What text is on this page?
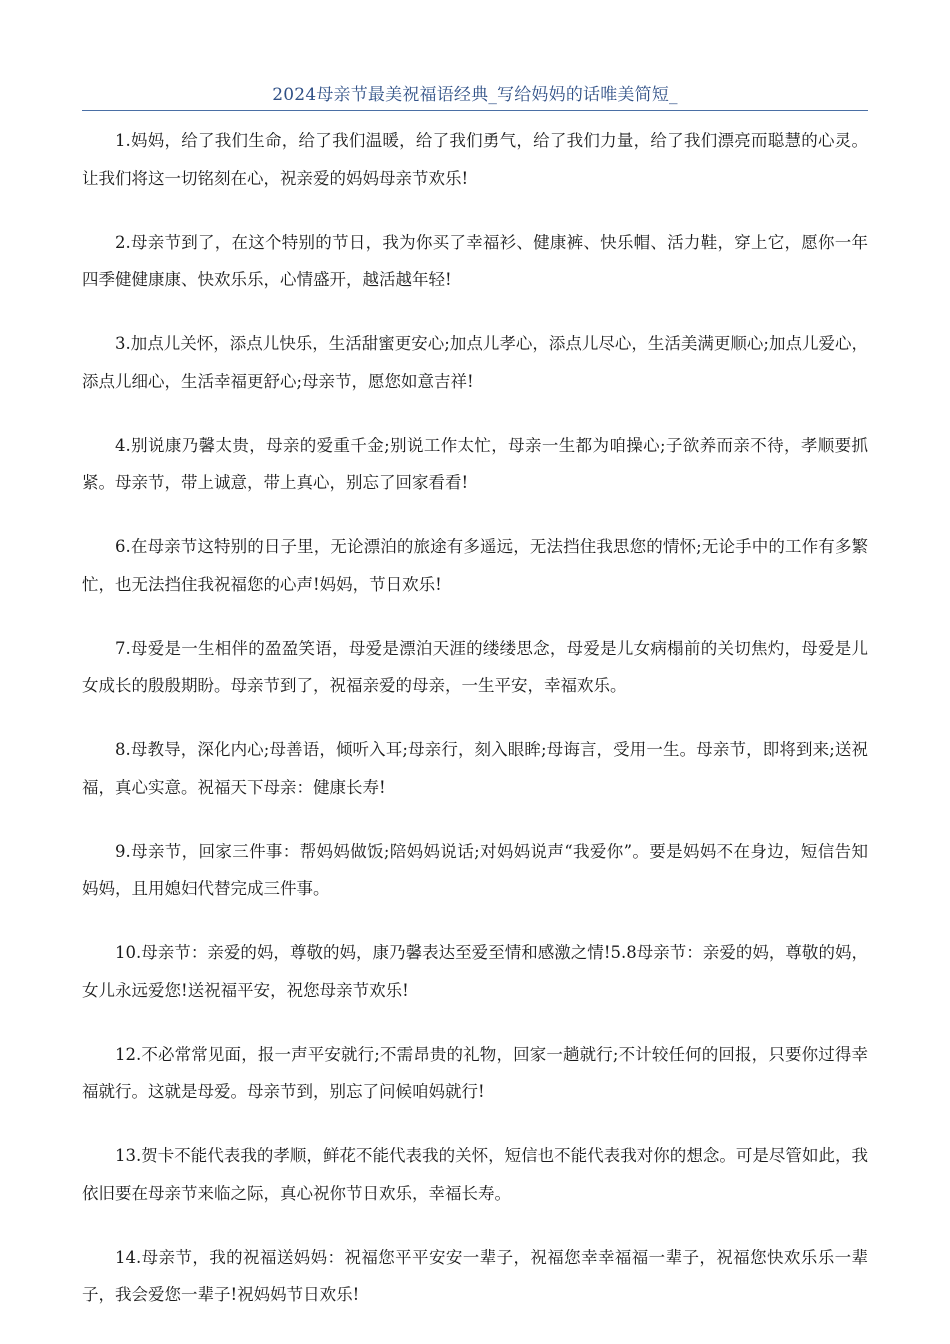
2024母亲节最美祝福语经典_写给妈妈的话唯美简短_

1.妈妈，给了我们生命，给了我们温暖，给了我们勇气，给了我们力量，给了我们漂亮而聪慧的心灵。让我们将这一切铭刻在心，祝亲爱的妈妈母亲节欢乐!

2.母亲节到了，在这个特别的节日，我为你买了幸福衫、健康裤、快乐帽、活力鞋，穿上它，愿你一年四季健健康康、快欢乐乐，心情盛开，越活越年轻!

3.加点儿关怀，添点儿快乐，生活甜蜜更安心;加点儿孝心，添点儿尽心，生活美满更顺心;加点儿爱心，添点儿细心，生活幸福更舒心;母亲节，愿您如意吉祥!

4.别说康乃馨太贵，母亲的爱重千金;别说工作太忙，母亲一生都为咱操心;子欲养而亲不待，孝顺要抓紧。母亲节，带上诚意，带上真心，别忘了回家看看!

6.在母亲节这特别的日子里，无论漂泊的旅途有多遥远，无法挡住我思您的情怀;无论手中的工作有多繁忙，也无法挡住我祝福您的心声!妈妈，节日欢乐!

7.母爱是一生相伴的盈盈笑语，母爱是漂泊天涯的缕缕思念，母爱是儿女病榻前的关切焦灼，母爱是儿女成长的殷殷期盼。母亲节到了，祝福亲爱的母亲，一生平安，幸福欢乐。

8.母教导，深化内心;母善语，倾听入耳;母亲行，刻入眼眸;母诲言，受用一生。母亲节，即将到来;送祝福，真心实意。祝福天下母亲：健康长寿!

9.母亲节，回家三件事：帮妈妈做饭;陪妈妈说话;对妈妈说声“我爱你”。要是妈妈不在身边，短信告知妈妈，且用媳妇代替完成三件事。

10.母亲节：亲爱的妈，尊敬的妈，康乃馨表达至爱至情和感激之情!5.8母亲节：亲爱的妈，尊敬的妈，女儿永远爱您!送祝福平安，祝您母亲节欢乐!

12.不必常常见面，报一声平安就行;不需昂贵的礼物，回家一趟就行;不计较任何的回报，只要你过得幸福就行。这就是母爱。母亲节到，别忘了问候咱妈就行!

13.贺卡不能代表我的孝顺，鲜花不能代表我的关怀，短信也不能代表我对你的想念。可是尽管如此，我依旧要在母亲节来临之际，真心祝你节日欢乐，幸福长寿。

14.母亲节，我的祝福送妈妈：祝福您平平安安一辈子，祝福您幸幸福福一辈子，祝福您快欢乐乐一辈子，我会爱您一辈子!祝妈妈节日欢乐!
